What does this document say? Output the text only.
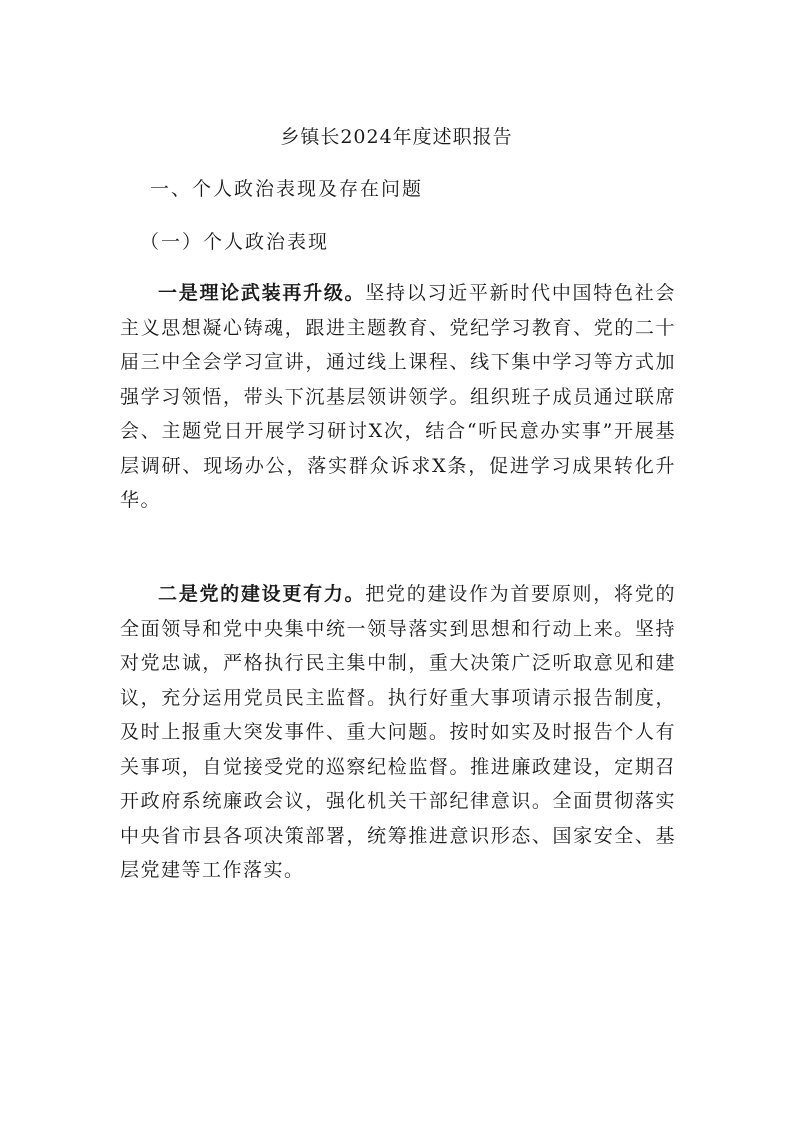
乡镇长2024年度述职报告
一、个人政治表现及存在问题
（一）个人政治表现

一是理论武装再升级。坚持以习近平新时代中国特色社会主义思想凝心铸魂，跟进主题教育、党纪学习教育、党的二十届三中全会学习宣讲，通过线上课程、线下集中学习等方式加强学习领悟，带头下沉基层领讲领学。组织班子成员通过联席会、主题党日开展学习研讨X次，结合“听民意办实事”开展基层调研、现场办公，落实群众诉求X条，促进学习成果转化升华。

二是党的建设更有力。把党的建设作为首要原则，将党的全面领导和党中央集中统一领导落实到思想和行动上来。坚持对党忠诚，严格执行民主集中制，重大决策广泛听取意见和建议，充分运用党员民主监督。执行好重大事项请示报告制度，及时上报重大突发事件、重大问题。按时如实及时报告个人有关事项，自觉接受党的巡察纪检监督。推进廉政建设，定期召开政府系统廉政会议，强化机关干部纪律意识。全面贯彻落实中央省市县各项决策部署，统筹推进意识形态、国家安全、基层党建等工作落实。
